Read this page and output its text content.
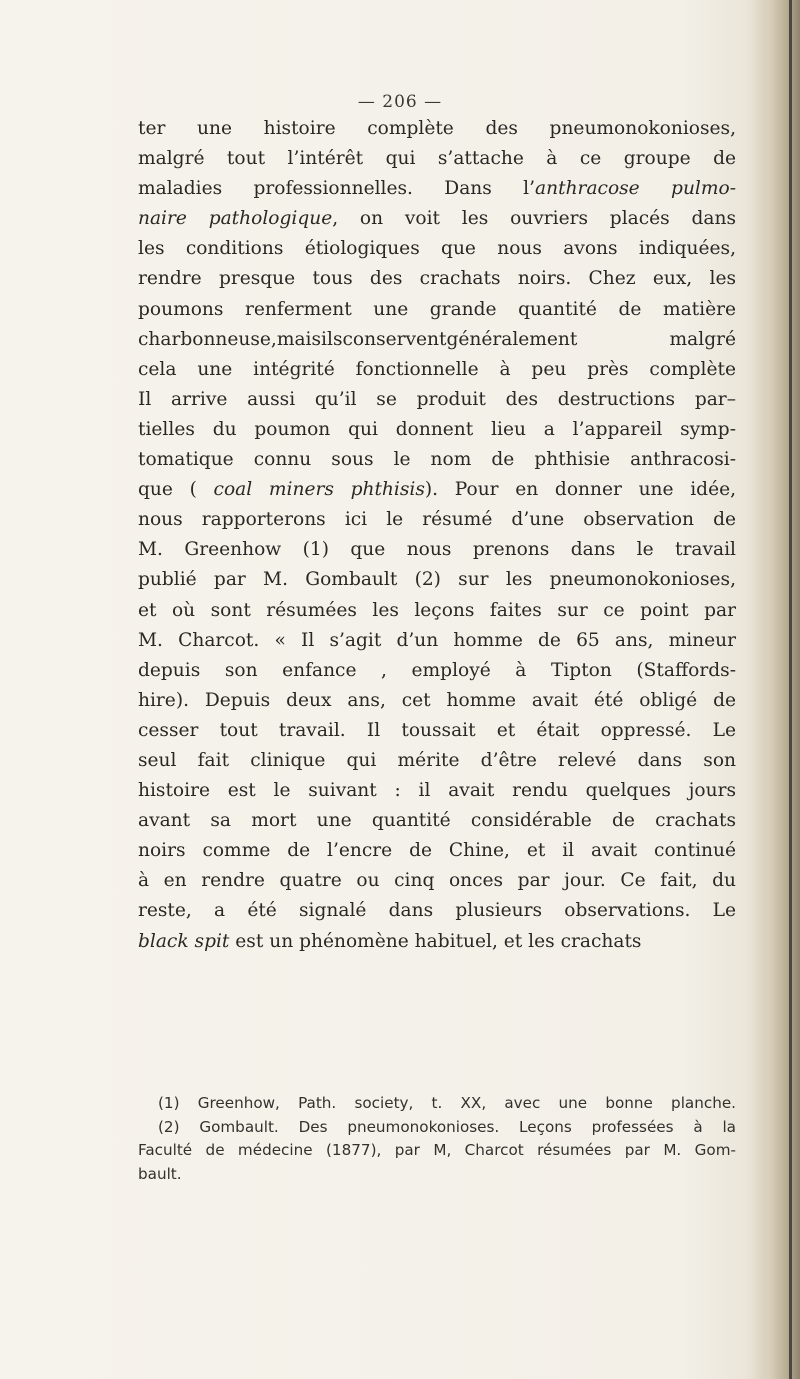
— 206 —
ter une histoire complète des pneumonokonioses,
malgré tout l’intérêt qui s’attache à ce groupe de
maladies professionnelles. Dans l’anthracose pulmo-
naire pathologique, on voit les ouvriers placés dans
les conditions étiologiques que nous avons indiquées,
rendre presque tous des crachats noirs. Chez eux, les
poumons renferment une grande quantité de matière
charbonneuse,maisilsconserventgénéralement malgré
cela une intégrité fonctionnelle à peu près complète
Il arrive aussi qu’il se produit des destructions par–
tielles du poumon qui donnent lieu a l’appareil symp-
tomatique connu sous le nom de phthisie anthracosi-
que ( coal miners phthisis). Pour en donner une idée,
nous rapporterons ici le résumé d’une observation de
M. Greenhow (1) que nous prenons dans le travail
publié par M. Gombault (2) sur les pneumonokonioses,
et où sont résumées les leçons faites sur ce point par
M. Charcot. « Il s’agit d’un homme de 65 ans, mineur
depuis son enfance , employé à Tipton (Staffords-
hire). Depuis deux ans, cet homme avait été obligé de
cesser tout travail. Il toussait et était oppressé. Le
seul fait clinique qui mérite d’être relevé dans son
histoire est le suivant : il avait rendu quelques jours
avant sa mort une quantité considérable de crachats
noirs comme de l’encre de Chine, et il avait continué
à en rendre quatre ou cinq onces par jour. Ce fait, du
reste, a été signalé dans plusieurs observations. Le
black spit est un phénomène habituel, et les crachats
(1) Greenhow, Path. society, t. XX, avec une bonne planche.
(2) Gombault. Des pneumonokonioses. Leçons professées à la
Faculté de médecine (1877), par M, Charcot résumées par M. Gom-
bault.
